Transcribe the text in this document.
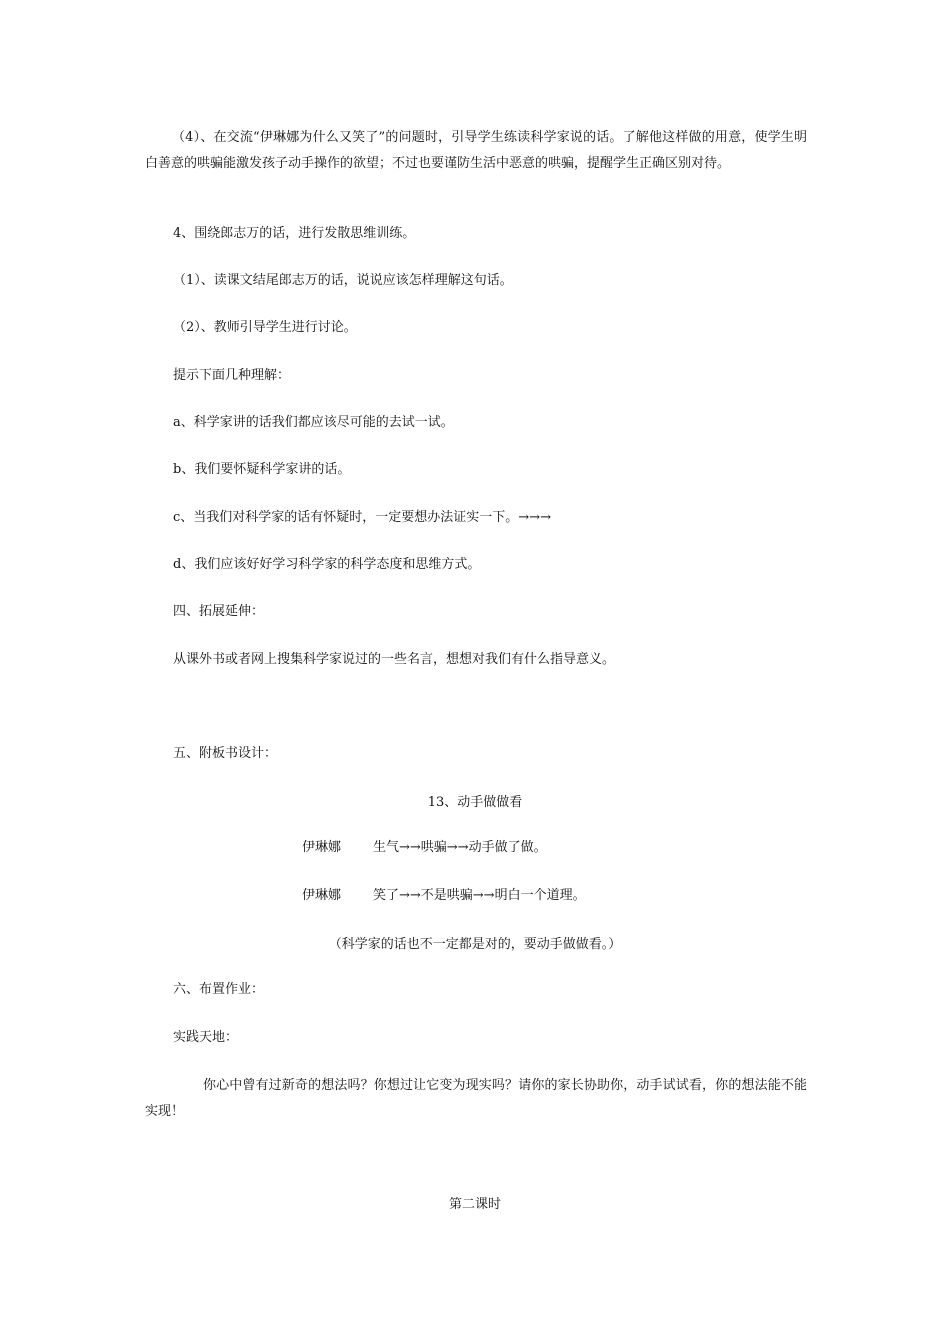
（4）、在交流“伊琳娜为什么又笑了”的问题时，引导学生练读科学家说的话。了解他这样做的用意，使学生明白善意的哄骗能激发孩子动手操作的欲望；不过也要谨防生活中恶意的哄骗，提醒学生正确区别对待。
4、围绕郎志万的话，进行发散思维训练。
（1）、读课文结尾郎志万的话，说说应该怎样理解这句话。
（2）、教师引导学生进行讨论。
提示下面几种理解：
a、科学家讲的话我们都应该尽可能的去试一试。
b、我们要怀疑科学家讲的话。
c、当我们对科学家的话有怀疑时，一定要想办法证实一下。→→→
d、我们应该好好学习科学家的科学态度和思维方式。
四、拓展延伸：
从课外书或者网上搜集科学家说过的一些名言，想想对我们有什么指导意义。
五、附板书设计：
13、动手做做看
伊琳娜 生气→→哄骗→→动手做了做。
伊琳娜 笑了→→不是哄骗→→明白一个道理。
（科学家的话也不一定都是对的，要动手做做看。）
六、布置作业：
实践天地：
你心中曾有过新奇的想法吗？你想过让它变为现实吗？请你的家长协助你，动手试试看，你的想法能不能实现！
第二课时
